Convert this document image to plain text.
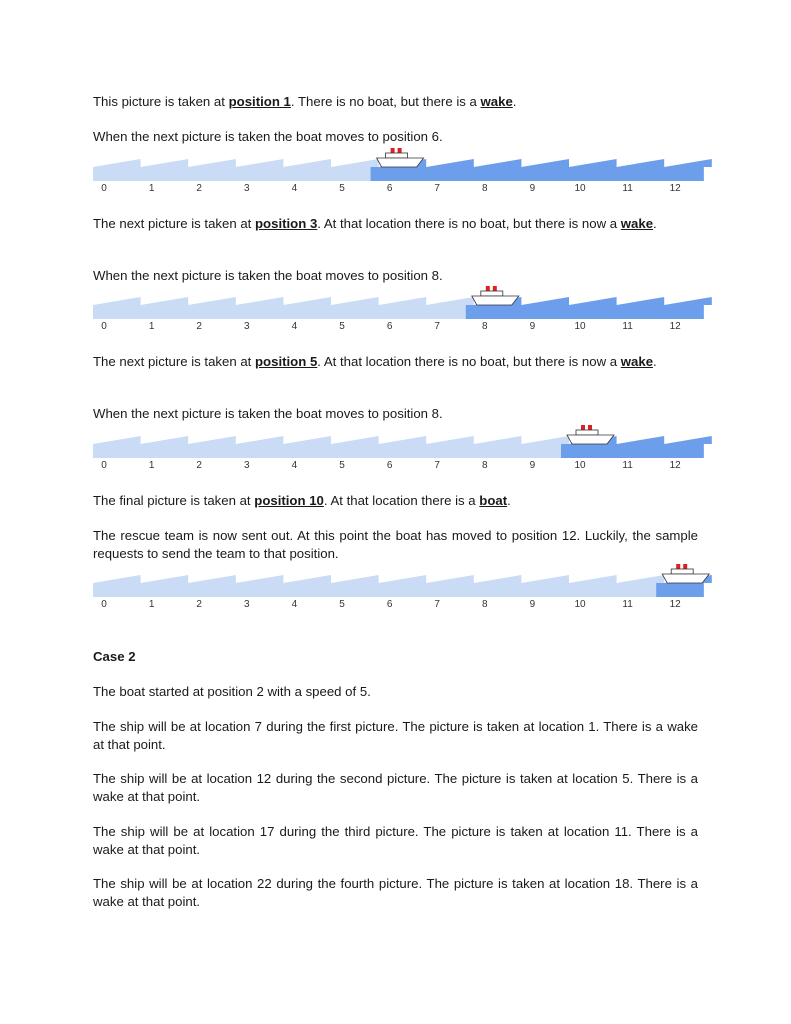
This picture is taken at position 1. There is no boat, but there is a wake.

When the next picture is taken the boat moves to position 6.

0	1	2	3	4	5	6	7	8	9	10	11	12

The next picture is taken at position 3. At that location there is no boat, but there is now a wake.

When the next picture is taken the boat moves to position 8.

0	1	2	3	4	5	6	7	8	9	10	11	12

The next picture is taken at position 5. At that location there is no boat, but there is now a wake.

When the next picture is taken the boat moves to position 8.

0	1	2	3	4	5	6	7	8	9	10	11	12

The final picture is taken at position 10. At that location there is a boat.

The rescue team is now sent out. At this point the boat has moved to position 12. Luckily, the sample requests to send the team to that position.

0	1	2	3	4	5	6	7	8	9	10	11	12

Case 2

The boat started at position 2 with a speed of 5.

The ship will be at location 7 during the first picture. The picture is taken at location 1. There is a wake at that point.

The ship will be at location 12 during the second picture. The picture is taken at location 5. There is a wake at that point.

The ship will be at location 17 during the third picture. The picture is taken at location 11. There is a wake at that point.

The ship will be at location 22 during the fourth picture. The picture is taken at location 18. There is a wake at that point.
